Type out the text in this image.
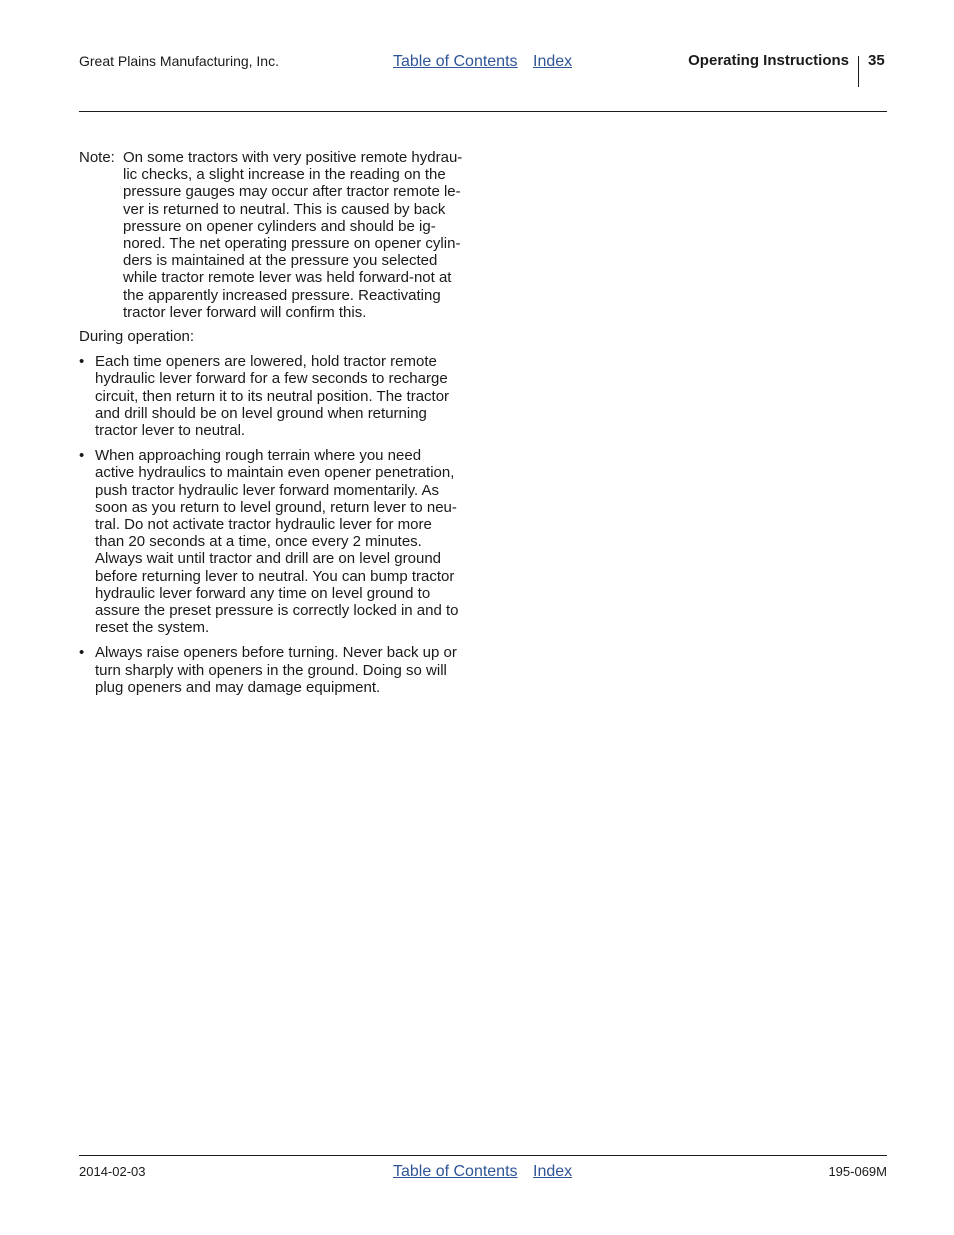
Great Plains Manufacturing, Inc.	Table of Contents Index	Operating Instructions 35
Note: On some tractors with very positive remote hydrau-
lic checks, a slight increase in the reading on the
pressure gauges may occur after tractor remote le-
ver is returned to neutral. This is caused by back
pressure on opener cylinders and should be ig-
nored. The net operating pressure on opener cylin-
ders is maintained at the pressure you selected
while tractor remote lever was held forward-not at
the apparently increased pressure. Reactivating
tractor lever forward will confirm this.
During operation:
• Each time openers are lowered, hold tractor remote
hydraulic lever forward for a few seconds to recharge
circuit, then return it to its neutral position. The tractor
and drill should be on level ground when returning
tractor lever to neutral.
• When approaching rough terrain where you need
active hydraulics to maintain even opener penetration,
push tractor hydraulic lever forward momentarily. As
soon as you return to level ground, return lever to neu-
tral. Do not activate tractor hydraulic lever for more
than 20 seconds at a time, once every 2 minutes.
Always wait until tractor and drill are on level ground
before returning lever to neutral. You can bump tractor
hydraulic lever forward any time on level ground to
assure the preset pressure is correctly locked in and to
reset the system.
• Always raise openers before turning. Never back up or
turn sharply with openers in the ground. Doing so will
plug openers and may damage equipment.
2014-02-03	Table of Contents Index	195-069M
